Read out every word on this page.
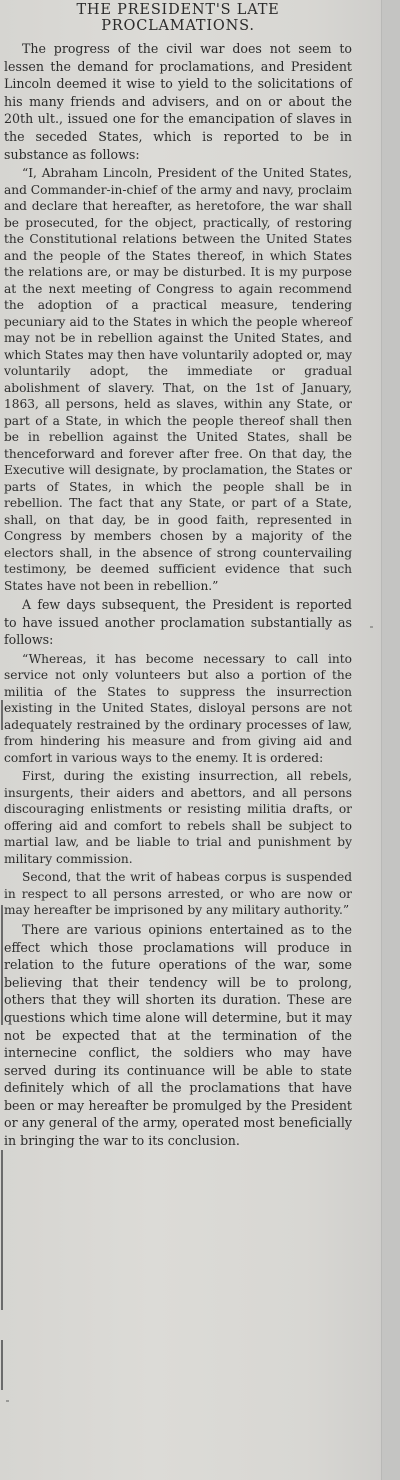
THE PRESIDENT'S LATE PROCLAMATIONS.

The progress of the civil war does not seem to lessen the demand for proclamations, and President Lincoln deemed it wise to yield to the solicitations of his many friends and advisers, and on or about the 20th ult., issued one for the emancipation of slaves in the seceded States, which is reported to be in substance as follows:

“I, Abraham Lincoln, President of the United States, and Commander-in-chief of the army and navy, proclaim and declare that hereafter, as heretofore, the war shall be prosecuted, for the object, practically, of restoring the Constitutional relations between the United States and the people of the States thereof, in which States the relations are, or may be disturbed. It is my purpose at the next meeting of Congress to again recommend the adoption of a practical measure, tendering pecuniary aid to the States in which the people whereof may not be in rebellion against the United States, and which States may then have voluntarily adopted or, may voluntarily adopt, the immediate or gradual abolishment of slavery. That, on the 1st of January, 1863, all persons, held as slaves, within any State, or part of a State, in which the people thereof shall then be in rebellion against the United States, shall be thenceforward and forever after free. On that day, the Executive will designate, by proclamation, the States or parts of States, in which the people shall be in rebellion. The fact that any State, or part of a State, shall, on that day, be in good faith, represented in Congress by members chosen by a majority of the electors shall, in the absence of strong countervailing testimony, be deemed sufficient evidence that such States have not been in rebellion.”

A few days subsequent, the President is reported to have issued another proclamation substantially as follows:

“Whereas, it has become necessary to call into service not only volunteers but also a portion of the militia of the States to suppress the insurrection existing in the United States, disloyal persons are not adequately restrained by the ordinary processes of law, from hindering his measure and from giving aid and comfort in various ways to the enemy. It is ordered:

First, during the existing insurrection, all rebels, insurgents, their aiders and abettors, and all persons discouraging enlistments or resisting militia drafts, or offering aid and comfort to rebels shall be subject to martial law, and be liable to trial and punishment by military commission.

Second, that the writ of habeas corpus is suspended in respect to all persons arrested, or who are now or may hereafter be imprisoned by any military authority.”

There are various opinions entertained as to the effect which those proclamations will produce in relation to the future operations of the war, some believing that their tendency will be to prolong, others that they will shorten its duration. These are questions which time alone will determine, but it may not be expected that at the termination of the internecine conflict, the soldiers who may have served during its continuance will be able to state definitely which of all the proclamations that have been or may hereafter be promulged by the President or any general of the army, operated most beneficially in bringing the war to its conclusion.
